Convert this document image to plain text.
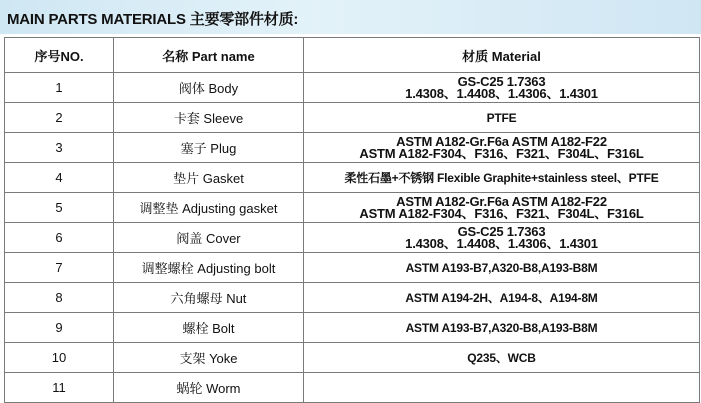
MAIN PARTS MATERIALS 主要零部件材质:
序号NO.	名称 Part name	材质 Material
1	阀体 Body	GS-C25 1.7363
1.4308、1.4408、1.4306、1.4301

2	卡套 Sleeve	PTFE

3	塞子 Plug	ASTM A182-Gr.F6a ASTM A182-F22
ASTM A182-F304、F316、F321、F304L、F316L

4	垫片 Gasket	柔性石墨+不锈钢 Flexible Graphite+stainless steel、PTFE

5	调整垫 Adjusting gasket	ASTM A182-Gr.F6a ASTM A182-F22
ASTM A182-F304、F316、F321、F304L、F316L

6	阀盖 Cover	GS-C25 1.7363
1.4308、1.4408、1.4306、1.4301

7	调整螺栓 Adjusting bolt	ASTM A193-B7,A320-B8,A193-B8M

8	六角螺母 Nut	ASTM A194-2H、A194-8、A194-8M

9	螺栓 Bolt	ASTM A193-B7,A320-B8,A193-B8M

10	支架 Yoke	Q235、WCB

11	蜗轮 Worm	
